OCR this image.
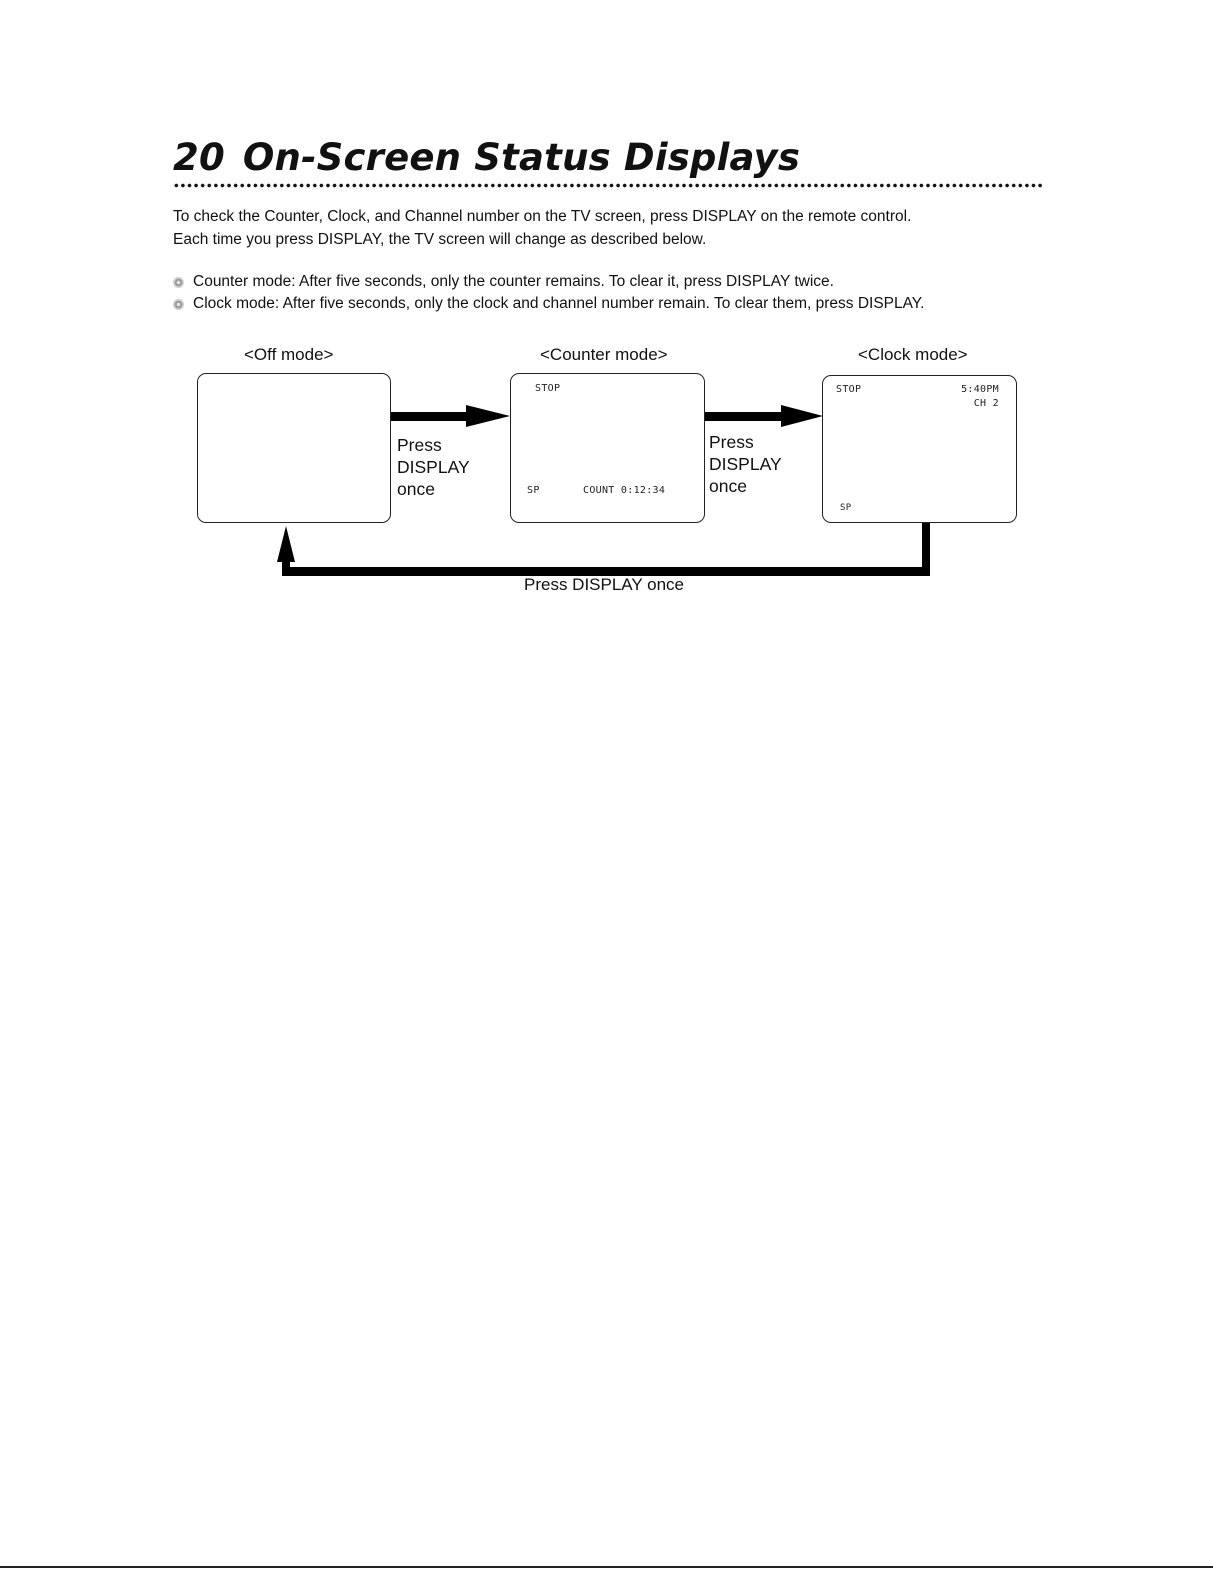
20 On-Screen Status Displays

To check the Counter, Clock, and Channel number on the TV screen, press DISPLAY on the remote control.

Each time you press DISPLAY, the TV screen will change as described below.

Counter mode: After five seconds, only the counter remains. To clear it, press DISPLAY twice.
Clock mode: After five seconds, only the clock and channel number remain. To clear them, press DISPLAY.
<Off mode>	<Counter mode>	<Clock mode>
STOP
SP	COUNT 0:12:34
STOP	5:40PM
CH 2
SP
Press
DISPLAY
once
Press
DISPLAY
once
Press DISPLAY once
